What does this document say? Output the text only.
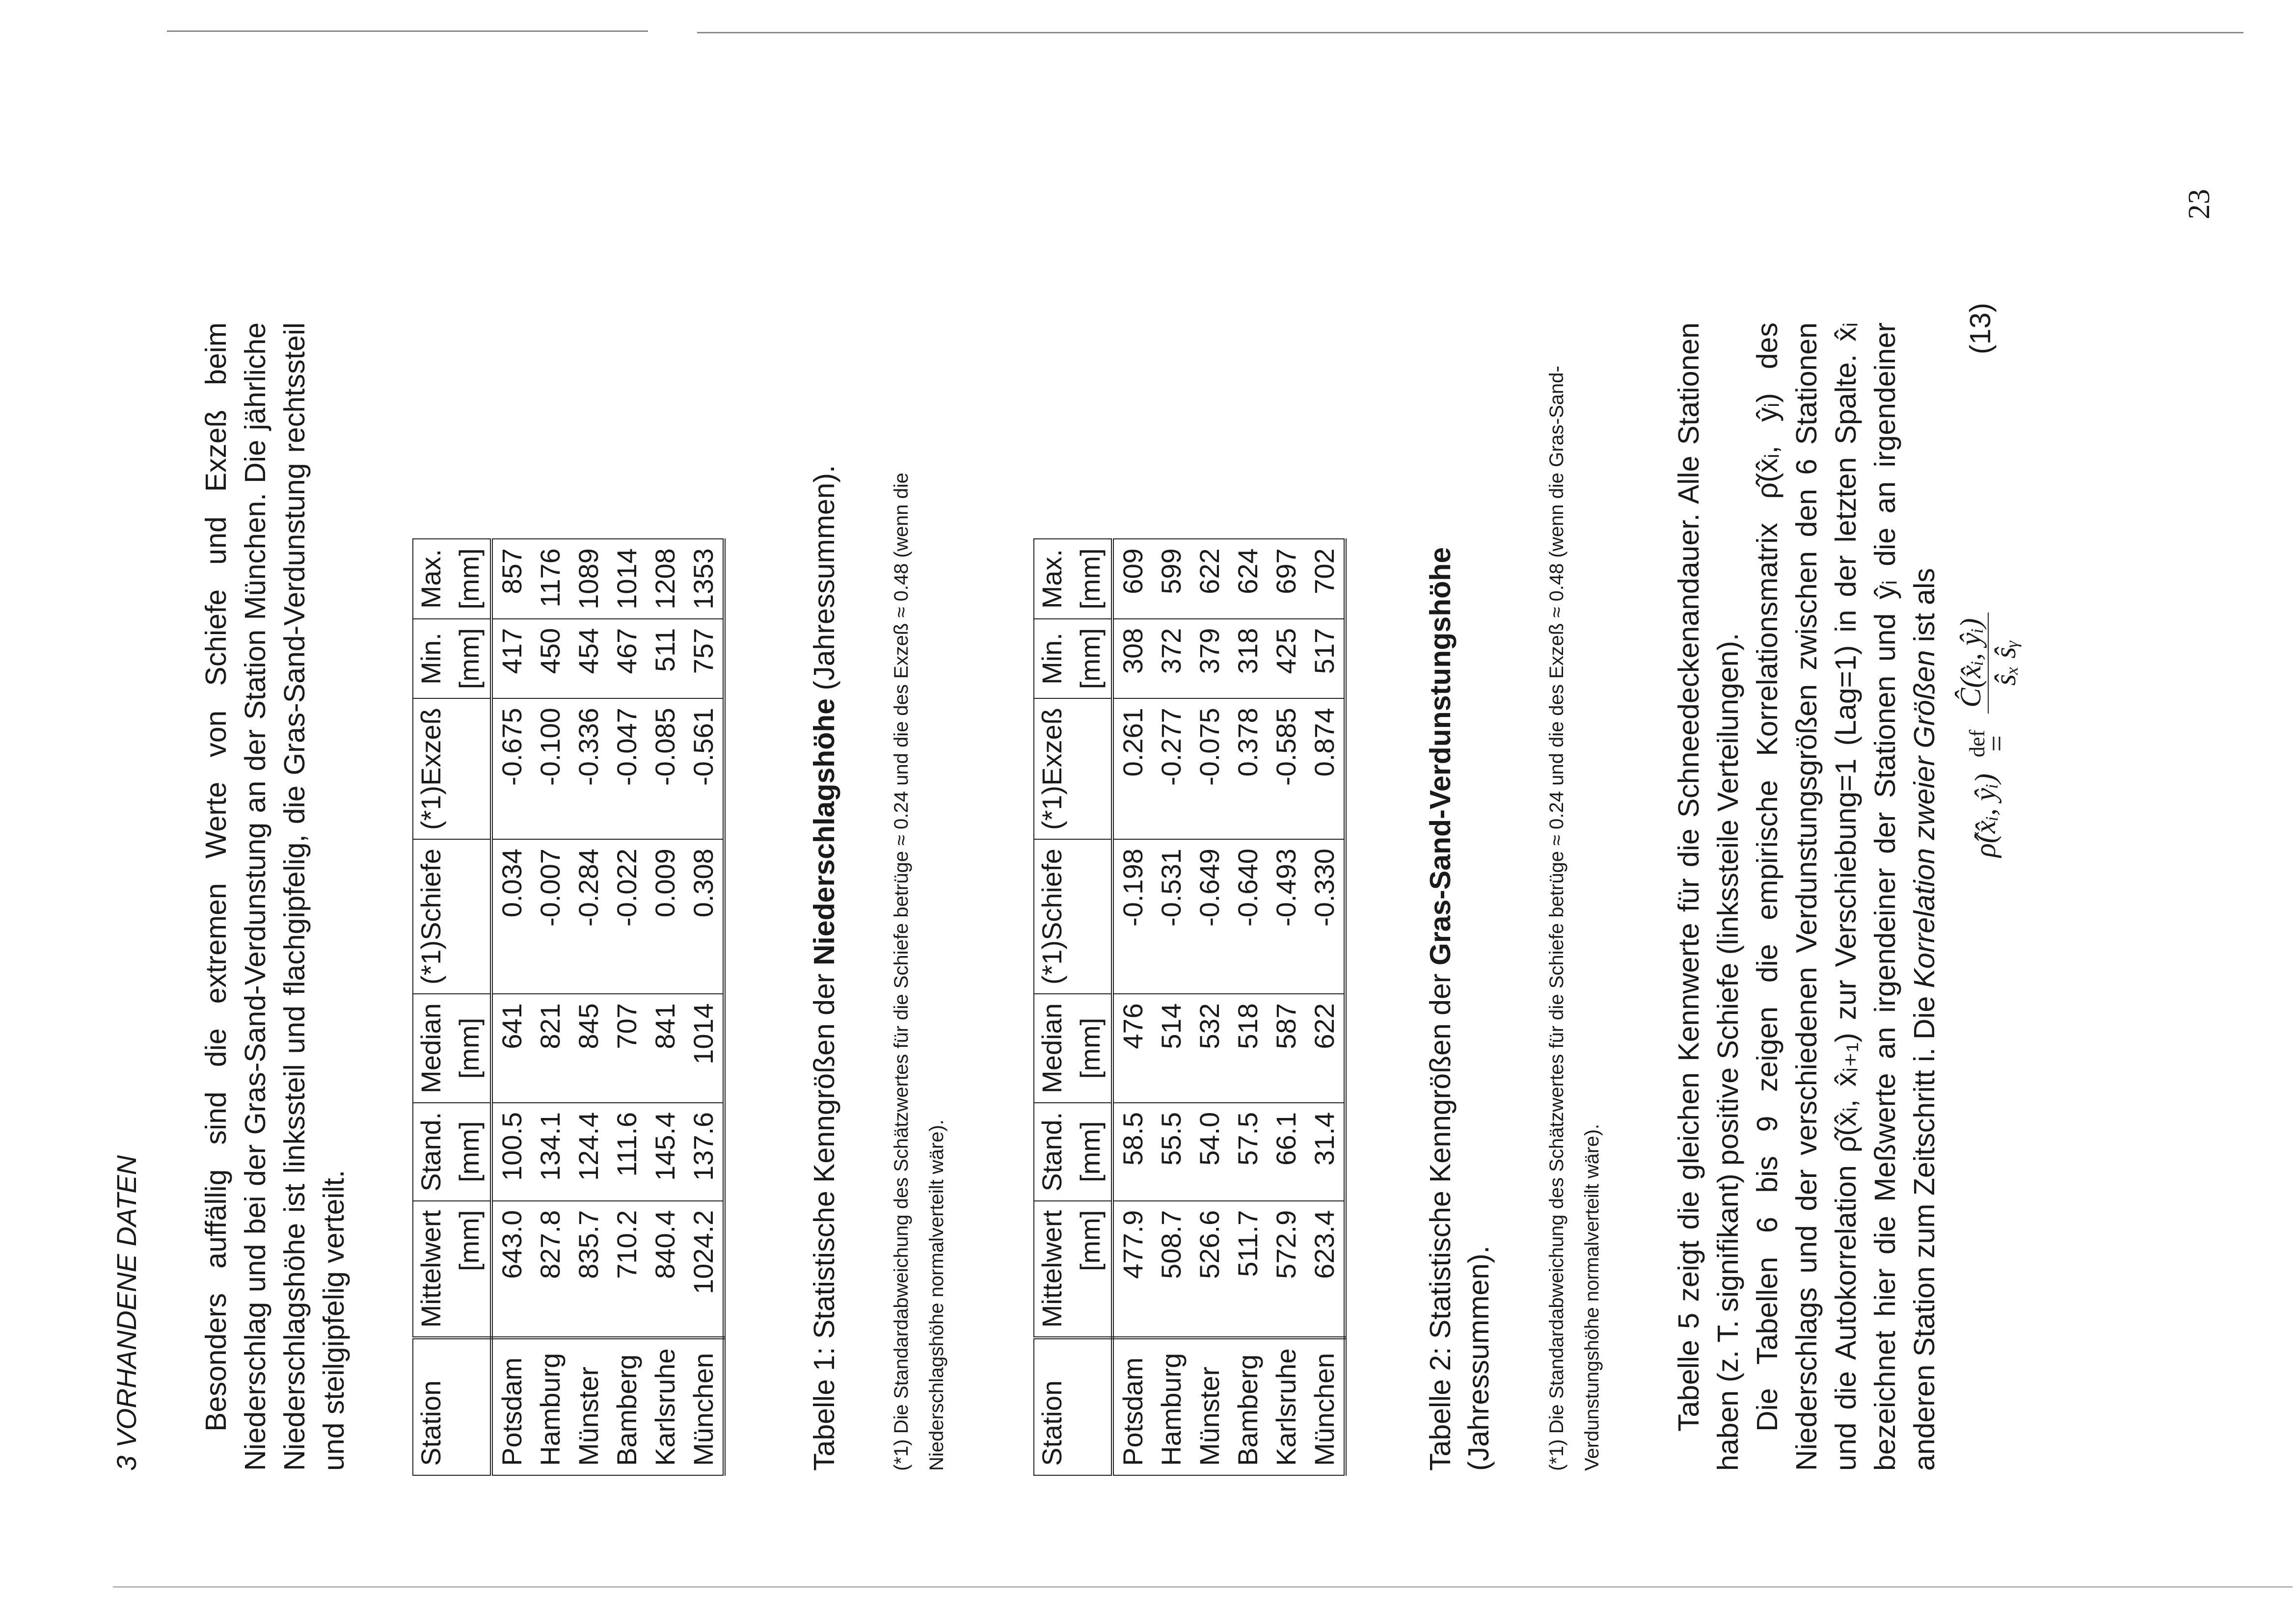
3 VORHANDENE DATEN Besonders auffällig sind die extremen Werte von Schiefe und Exzeß beim Niederschlag und bei der Gras-Sand-Verdunstung an der Station München. Die jährliche Niederschlagshöhe ist linkssteil und flachgipfelig, die Gras-Sand-Verdunstung rechtssteil und steilgipfelig verteilt. Station	Mittelwert	Stand.	Median	(*1)Schiefe	(*1)Exzeß	Min.	Max.
	[mm]	[mm]	[mm]			[mm]	[mm]
Potsdam	643.0	100.5	641	0.034	-0.675	417	857
Hamburg	827.8	134.1	821	-0.007	-0.100	450	1176
Münster	835.7	124.4	845	-0.284	-0.336	454	1089
Bamberg	710.2	111.6	707	-0.022	-0.047	467	1014
Karlsruhe	840.4	145.4	841	0.009	-0.085	511	1208
München	1024.2	137.6	1014	0.308	-0.561	757	1353
Tabelle 1: Statistische Kenngrößen der Niederschlagshöhe (Jahressummen).	(*1) Die Standardabweichung des Schätzwertes für die Schiefe betrüge ≈ 0.24 und die des Exzeß ≈ 0.48 (wenn die Niederschlagshöhe normalverteilt wäre).	Station	Mittelwert	Stand.	Median	(*1)Schiefe	(*1)Exzeß	Min.	Max.
	[mm]	[mm]	[mm]			[mm]	[mm]
Potsdam	477.9	58.5	476	-0.198	0.261	308	609
Hamburg	508.7	55.5	514	-0.531	-0.277	372	599
Münster	526.6	54.0	532	-0.649	-0.075	379	622
Bamberg	511.7	57.5	518	-0.640	0.378	318	624
Karlsruhe	572.9	66.1	587	-0.493	-0.585	425	697
München	623.4	31.4	622	-0.330	0.874	517	702
Tabelle 2: Statistische Kenngrößen der Gras-Sand-Verdunstungshöhe (Jahressummen).	(*1) Die Standardabweichung des Schätzwertes für die Schiefe betrüge ≈ 0.24 und die des Exzeß ≈ 0.48 (wenn die Gras-Sand-Verdunstungshöhe normalverteilt wäre). Tabelle 5 zeigt die gleichen Kennwerte für die Schneedeckenandauer. Alle Stationen haben (z. T. signifikant) positive Schiefe (linkssteile Verteilungen). Die Tabellen 6 bis 9 zeigen die empirische Korrelationsmatrix ρ̂(x̂ᵢ, ŷᵢ) des Niederschlags und der verschiedenen Verdunstungsgrößen zwischen den 6 Stationen und die Autokorrelation ρ̂(x̂ᵢ, x̂ᵢ₊₁) zur Verschiebung=1 (Lag=1) in der letzten Spalte. x̂ᵢ bezeichnet hier die Meßwerte an irgendeiner der Stationen und ŷᵢ die an irgendeiner anderen Station zum Zeitschritt i. Die Korrelation zweier Größen ist als

ρ̂(x̂ᵢ, ŷᵢ)
def
=

Ĉ(x̂ᵢ, ŷᵢ) ŝₓ ŝᵧ
(13)
23
